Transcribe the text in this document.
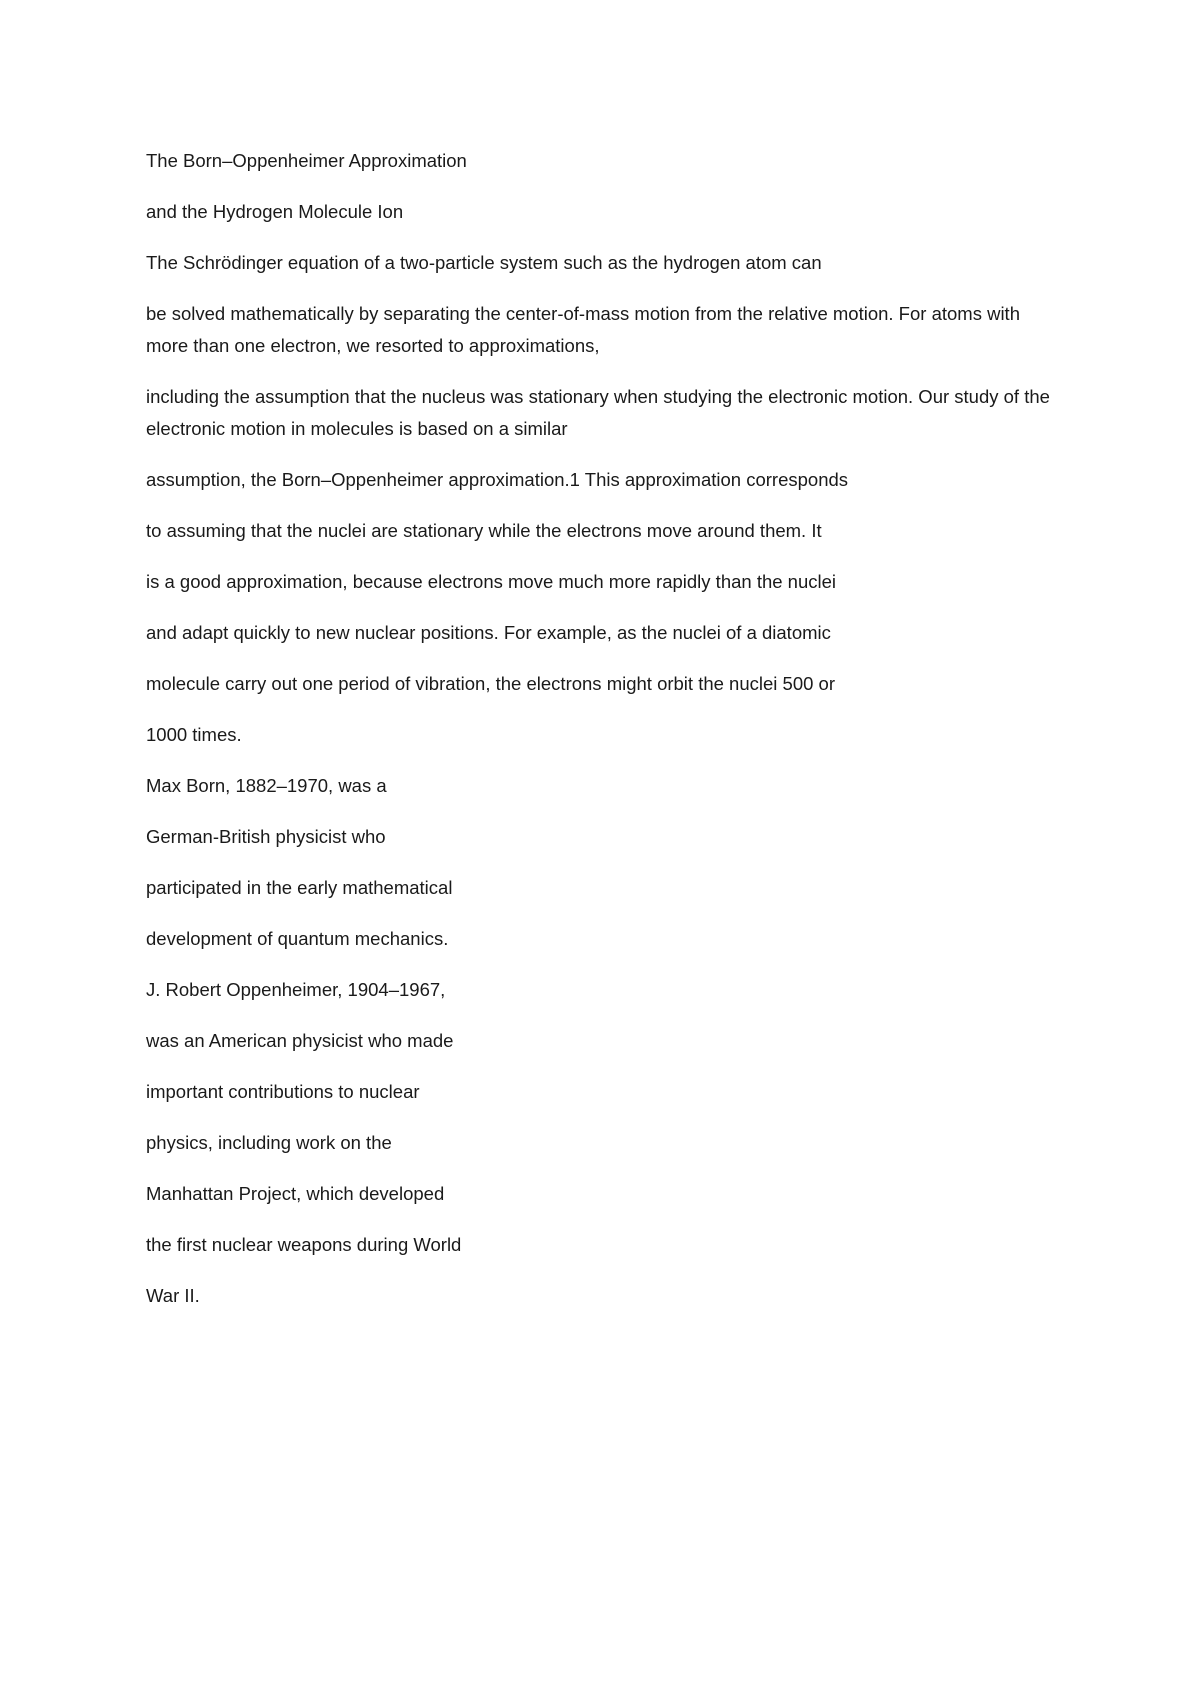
The Born–Oppenheimer Approximation

and the Hydrogen Molecule Ion

The Schrödinger equation of a two-particle system such as the hydrogen atom can

be solved mathematically by separating the center-of-mass motion from the relative motion. For atoms with more than one electron, we resorted to approximations,

including the assumption that the nucleus was stationary when studying the electronic motion. Our study of the electronic motion in molecules is based on a similar

assumption, the Born–Oppenheimer approximation.1 This approximation corresponds

to assuming that the nuclei are stationary while the electrons move around them. It

is a good approximation, because electrons move much more rapidly than the nuclei

and adapt quickly to new nuclear positions. For example, as the nuclei of a diatomic

molecule carry out one period of vibration, the electrons might orbit the nuclei 500 or

1000 times.

Max Born, 1882–1970, was a

German-British physicist who

participated in the early mathematical

development of quantum mechanics.

J. Robert Oppenheimer, 1904–1967,

was an American physicist who made

important contributions to nuclear

physics, including work on the

Manhattan Project, which developed

the first nuclear weapons during World

War II.
